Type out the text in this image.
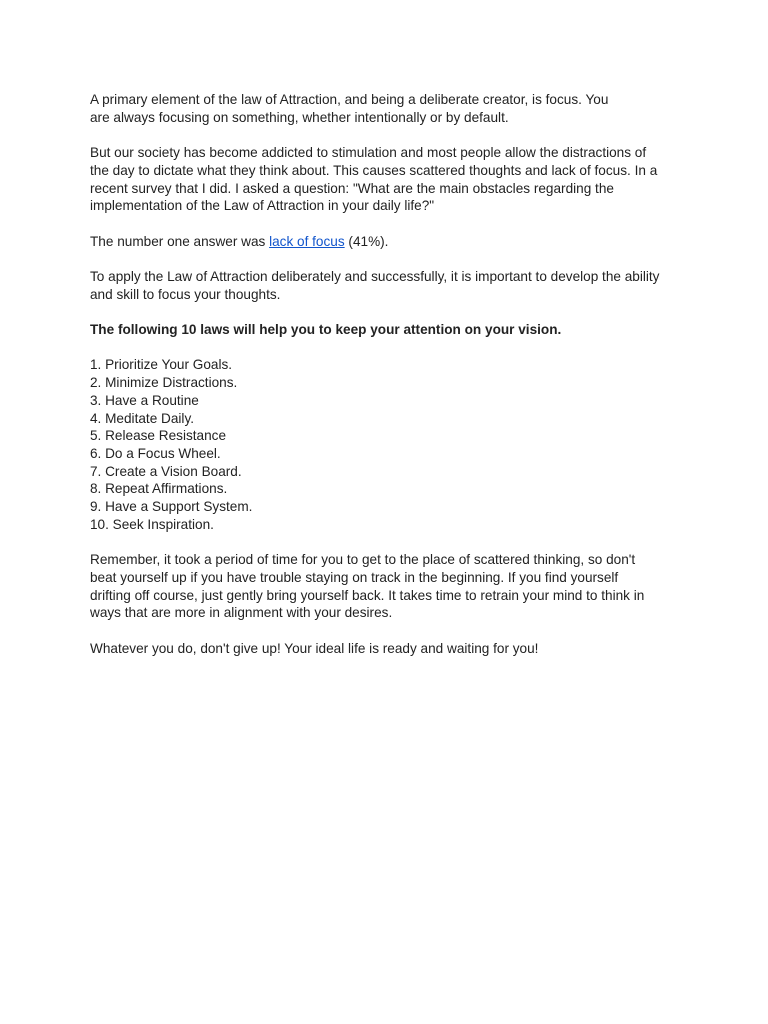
A primary element of the law of Attraction, and being a deliberate creator, is focus. You
are always focusing on something, whether intentionally or by default.

But our society has become addicted to stimulation and most people allow the distractions of
the day to dictate what they think about. This causes scattered thoughts and lack of focus. In a
recent survey that I did. I asked a question: "What are the main obstacles regarding the
implementation of the Law of Attraction in your daily life?"

The number one answer was lack of focus (41%).

To apply the Law of Attraction deliberately and successfully, it is important to develop the ability
and skill to focus your thoughts.

The following 10 laws will help you to keep your attention on your vision.

1. Prioritize Your Goals.
2. Minimize Distractions.
3. Have a Routine
4. Meditate Daily.
5. Release Resistance
6. Do a Focus Wheel.
7. Create a Vision Board.
8. Repeat Affirmations.
9. Have a Support System.
10. Seek Inspiration.

Remember, it took a period of time for you to get to the place of scattered thinking, so don't
beat yourself up if you have trouble staying on track in the beginning. If you find yourself
drifting off course, just gently bring yourself back. It takes time to retrain your mind to think in
ways that are more in alignment with your desires.

Whatever you do, don't give up! Your ideal life is ready and waiting for you!
